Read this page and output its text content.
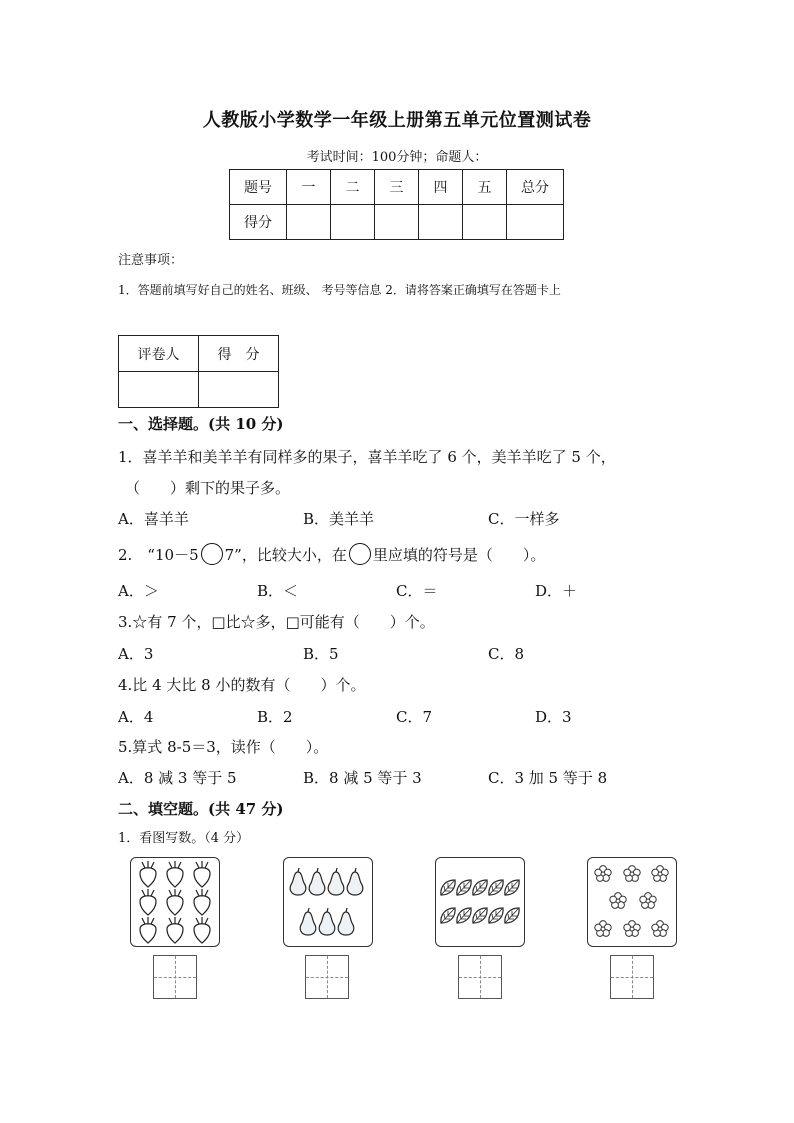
人教版小学数学一年级上册第五单元位置测试卷
考试时间：100分钟；命题人：
题号	一	二	三	四	五	总分
得分						
注意事项：
1．答题前填写好自己的姓名、班级、 考号等信息 2．请将答案正确填写在答题卡上
评卷人	得　分

一、选择题。(共 10 分)
1．喜羊羊和美羊羊有同样多的果子，喜羊羊吃了 6 个，美羊羊吃了 5 个，
（　　）剩下的果子多。
A．喜羊羊	B．美羊羊	C．一样多
2.　“10－5 7”，比较大小，在 里应填的符号是（　　）。
A．＞	B．＜	C．＝	D．＋
3.☆有 7 个，□比☆多，□可能有（　　）个。
A．3	B．5	C．8
4.比 4 大比 8 小的数有（　　）个。
A．4	B．2	C．7	D．3
5.算式 8-5＝3，读作（　　）。
A．8 减 3 等于 5	B．8 减 5 等于 3	C．3 加 5 等于 8
二、填空题。(共 47 分)
1．看图写数。（4 分）
